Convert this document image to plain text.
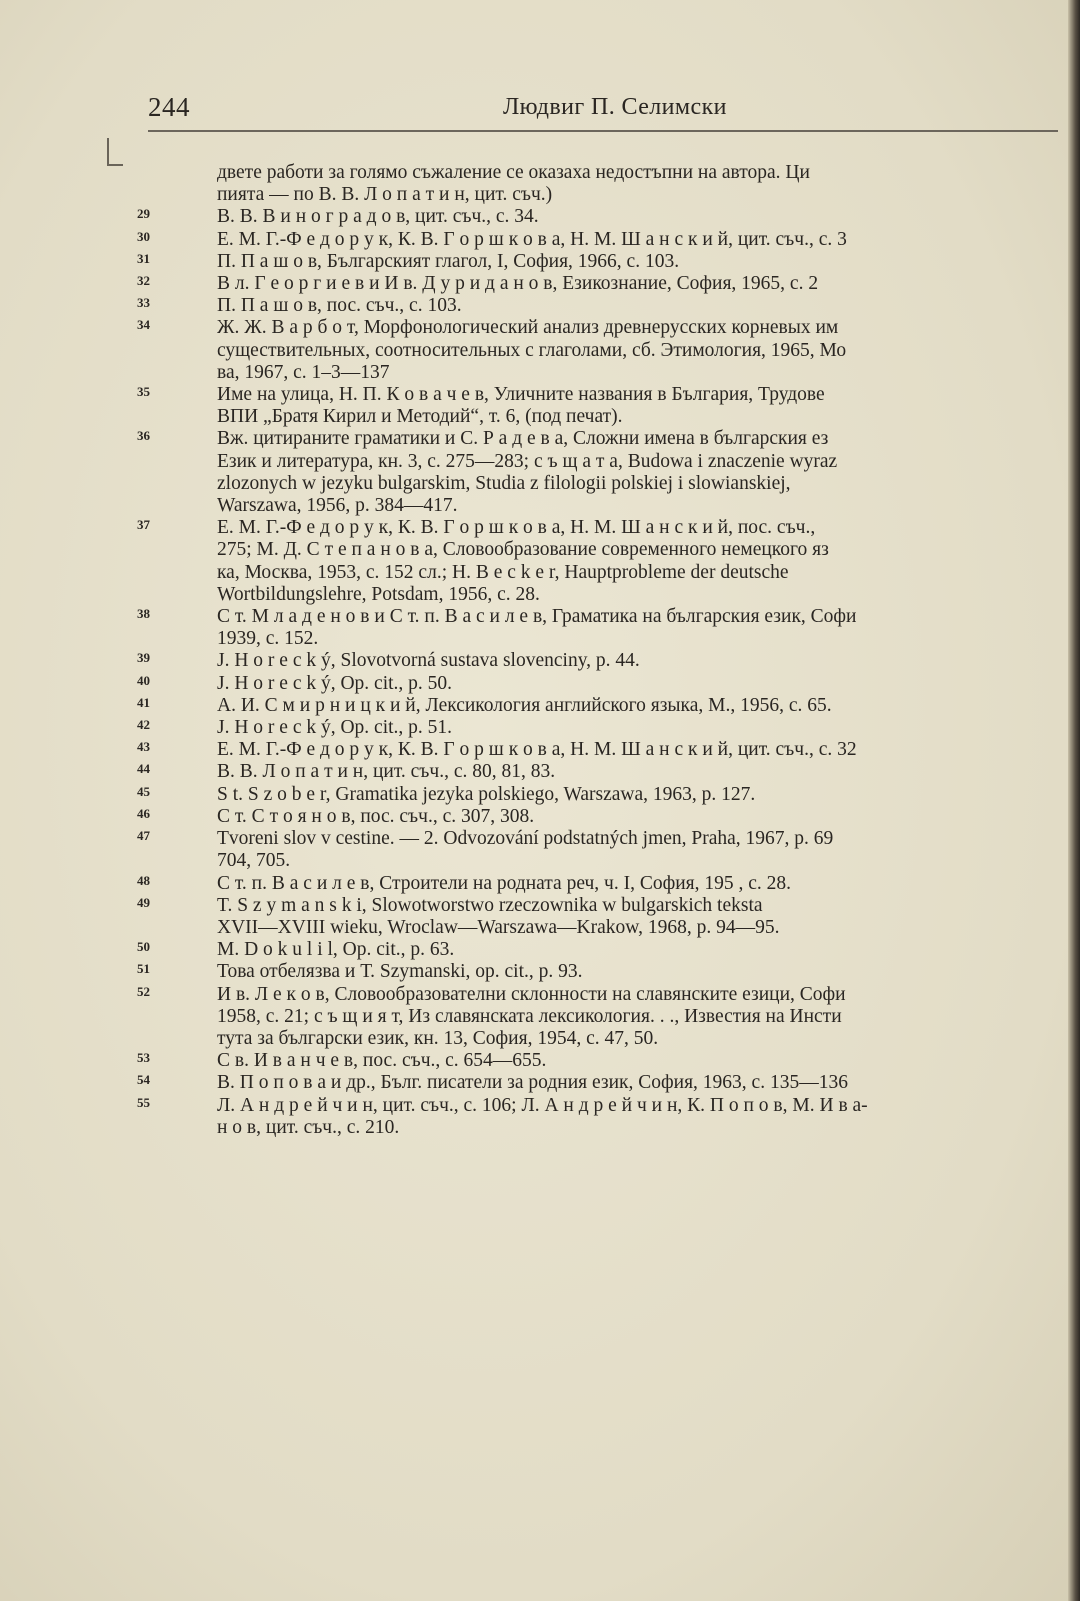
244	Людвиг П. Селимски
двете работи за голямо съжаление се оказаха недостъпни на автора. Ци
пията — по В. В. Л о п а т и н, цит. съч.)
29	В. В. В и н о г р а д о в, цит. съч., с. 34.
30	Е. М. Г.-Ф е д о р у к, К. В. Г о р ш к о в а, Н. М. Ш а н с к и й, цит. съч., с. 3
31	П. П а ш о в, Българският глагол, I, София, 1966, с. 103.
32	В л. Г е о р г и е в и И в. Д у р и д а н о в, Езикознание, София, 1965, с. 2
33	П. П а ш о в, пос. съч., с. 103.
34	Ж. Ж. В а р б о т, Морфонологический анализ древнерусских корневых им
существительных, соотносительных с глаголами, сб. Этимология, 1965, Мо
ва, 1967, с. 1–3—137
35	Име на улица, Н. П. К о в а ч е в, Уличните названия в България, Трудове
ВПИ „Братя Кирил и Методий“, т. 6, (под печат).
36	Вж. цитираните граматики и С. Р а д е в а, Сложни имена в българския ез
Език и литература, кн. 3, с. 275—283; с ъ щ а т а, Budowa i znaczenie wyraz
zlozonych w jezyku bulgarskim, Studia z filologii polskiej i slowianskiej,
Warszawa, 1956, p. 384—417.
37	Е. М. Г.-Ф е д о р у к, К. В. Г о р ш к о в а, Н. М. Ш а н с к и й, пос. съч.,
275; М. Д. С т е п а н о в а, Словообразование современного немецкого яз
ка, Москва, 1953, с. 152 сл.; H. B e c k e r, Hauptprobleme der deutsche
Wortbildungslehre, Potsdam, 1956, с. 28.
38	С т. М л а д е н о в и С т. п. В а с и л е в, Граматика на българския език, Софи
1939, с. 152.
39	J. H o r e c k ý, Slovotvorná sustava slovenciny, p. 44.
40	J. H o r e c k ý, Op. cit., p. 50.
41	А. И. С м и р н и ц к и й, Лексикология английского языка, М., 1956, с. 65.
42	J. H o r e c k ý, Op. cit., p. 51.
43	Е. М. Г.-Ф е д о р у к, К. В. Г о р ш к о в а, Н. М. Ш а н с к и й, цит. съч., с. 32
44	В. В. Л о п а т и н, цит. съч., с. 80, 81, 83.
45	S t. S z o b e r, Gramatika jezyka polskiego, Warszawa, 1963, p. 127.
46	С т. С т о я н о в, пос. съч., с. 307, 308.
47	Tvoreni slov v cestine. — 2. Odvozování podstatných jmen, Praha, 1967, p. 69
704, 705.
48	С т. п. В а с и л е в, Строители на родната реч, ч. I, София, 195 , с. 28.
49	T. S z y m a n s k i, Slowotworstwo rzeczownika w bulgarskich teksta
XVII—XVIII wieku, Wroclaw—Warszawa—Krakow, 1968, p. 94—95.
50	M. D o k u l i l, Op. cit., p. 63.
51	Това отбелязва и Т. Szymanski, op. cit., p. 93.
52	И в. Л е к о в, Словообразователни склонности на славянските езици, Софи
1958, с. 21; с ъ щ и я т, Из славянската лексикология. . ., Известия на Инсти
тута за български език, кн. 13, София, 1954, с. 47, 50.
53	С в. И в а н ч е в, пос. съч., с. 654—655.
54	В. П о п о в а и др., Бълг. писатели за родния език, София, 1963, с. 135—136
55	Л. А н д р е й ч и н, цит. съч., с. 106; Л. А н д р е й ч и н, К. П о п о в, М. И в а-
н о в, цит. съч., с. 210.
